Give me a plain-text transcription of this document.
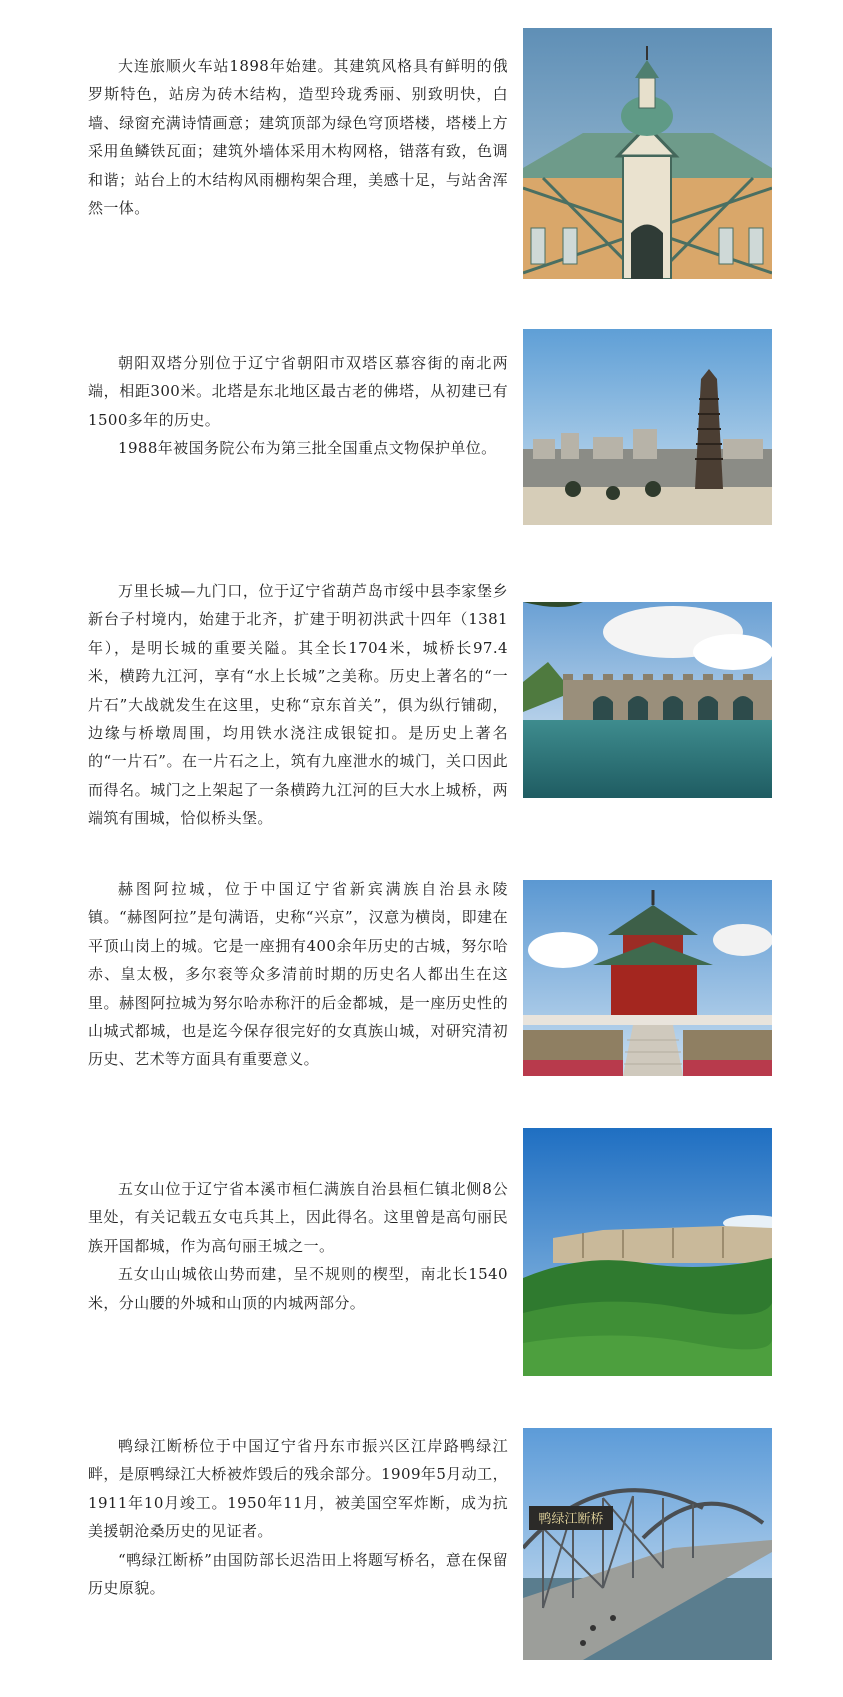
大连旅顺火车站1898年始建。其建筑风格具有鲜明的俄罗斯特色，站房为砖木结构，造型玲珑秀丽、别致明快，白墙、绿窗充满诗情画意；建筑顶部为绿色穹顶塔楼，塔楼上方采用鱼鳞铁瓦面；建筑外墙体采用木构网格，错落有致，色调和谐；站台上的木结构风雨棚构架合理，美感十足，与站舍浑然一体。

朝阳双塔分别位于辽宁省朝阳市双塔区慕容街的南北两端，相距300米。北塔是东北地区最古老的佛塔，从初建已有1500多年的历史。

1988年被国务院公布为第三批全国重点文物保护单位。

万里长城—九门口，位于辽宁省葫芦岛市绥中县李家堡乡新台子村境内，始建于北齐，扩建于明初洪武十四年（1381年），是明长城的重要关隘。其全长1704米，城桥长97.4米，横跨九江河，享有“水上长城”之美称。历史上著名的“一片石”大战就发生在这里，史称“京东首关”，俱为纵行铺砌，边缘与桥墩周围，均用铁水浇注成银锭扣。是历史上著名的“一片石”。在一片石之上，筑有九座泄水的城门，关口因此而得名。城门之上架起了一条横跨九江河的巨大水上城桥，两端筑有围城，恰似桥头堡。

赫图阿拉城，位于中国辽宁省新宾满族自治县永陵镇。“赫图阿拉”是句满语，史称“兴京”，汉意为横岗，即建在平顶山岗上的城。它是一座拥有400余年历史的古城，努尔哈赤、皇太极，多尔衮等众多清前时期的历史名人都出生在这里。赫图阿拉城为努尔哈赤称汗的后金都城，是一座历史性的山城式都城，也是迄今保存很完好的女真族山城，对研究清初历史、艺术等方面具有重要意义。

五女山位于辽宁省本溪市桓仁满族自治县桓仁镇北侧8公里处，有关记载五女屯兵其上，因此得名。这里曾是高句丽民族开国都城，作为高句丽王城之一。

五女山山城依山势而建，呈不规则的楔型，南北长1540米，分山腰的外城和山顶的内城两部分。

鸭绿江断桥位于中国辽宁省丹东市振兴区江岸路鸭绿江畔，是原鸭绿江大桥被炸毁后的残余部分。1909年5月动工，1911年10月竣工。1950年11月，被美国空军炸断，成为抗美援朝沧桑历史的见证者。

“鸭绿江断桥”由国防部长迟浩田上将题写桥名，意在保留历史原貌。

鸭绿江断桥
